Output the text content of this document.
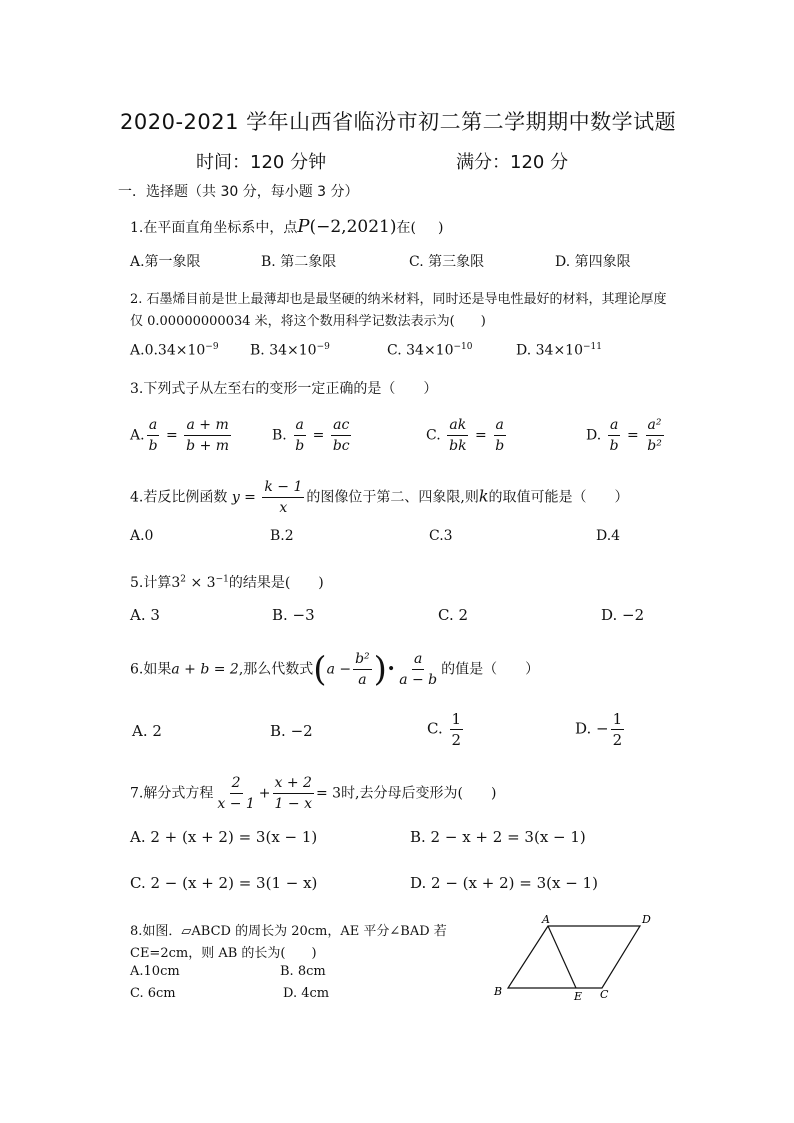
2020-2021 学年山西省临汾市初二第二学期期中数学试题
时间：120 分钟	满分：120 分
一．选择题（共 30 分，每小题 3 分）
1.在平面直角坐标系中，点P(−2,2021)在( )
A.第一象限	B. 第二象限	C. 第三象限	D. 第四象限
2. 石墨烯目前是世上最薄却也是最坚硬的纳米材料，同时还是导电性最好的材料，其理论厚度
仅 0.00000000034 米，将这个数用科学记数法表示为(　　)
$A.0.34\times 10^{-9}$ B. $34\times 10^{-9}$	C. $34\times 10^{-10}$	D. $34\times 10^{-11}$
3.下列式子从左至右的变形一定正确的是（　　）
A. $\frac{a}{b} = \frac{a + m}{b + m}$	B. $\frac{a}{b} = \frac{ac}{bc}$	C. $\frac{ak}{bk} = \frac{a}{b}$	D. $\frac{a}{b} = \frac{\text{a²}}{\text{b²}}$
4.若反比例函数 $y = \frac{k - 1}{x}$ 的图像位于第二、四象限,则k的取值可能是（　　）
A.0	B.2	C.3	D.4
5.计算$3^2 \times 3^{-1}$的结果是(　　)
A. 3	B. −3	C. 2	D. −2
6.如果a + b = 2,那么代数式($a - \frac{\text{b²}}{a}$ )• $\frac{a}{a - b}$ 的值是（　　）
A. 2	B. −2	C. $\frac{1}{2}$	D. − $\frac{1}{2}$
7.解分式方程 $\frac{2}{x - 1} + \frac{x + 2}{1 - x} = 3$时,去分母后变形为(　　)
A. 2 + (x + 2) = 3(x − 1)	B. 2 − x + 2 = 3(x − 1)
C. 2 − (x + 2) = 3(1 − x)	D. 2 − (x + 2) = 3(x − 1)
8.如图．▱ABCD 的周长为 20cm，AE 平分∠BAD 若
CE=2cm，则 AB 的长为(　　)
A.10cm	B. 8cm
C. 6cm	D. 4cm
A	D
B	E C
